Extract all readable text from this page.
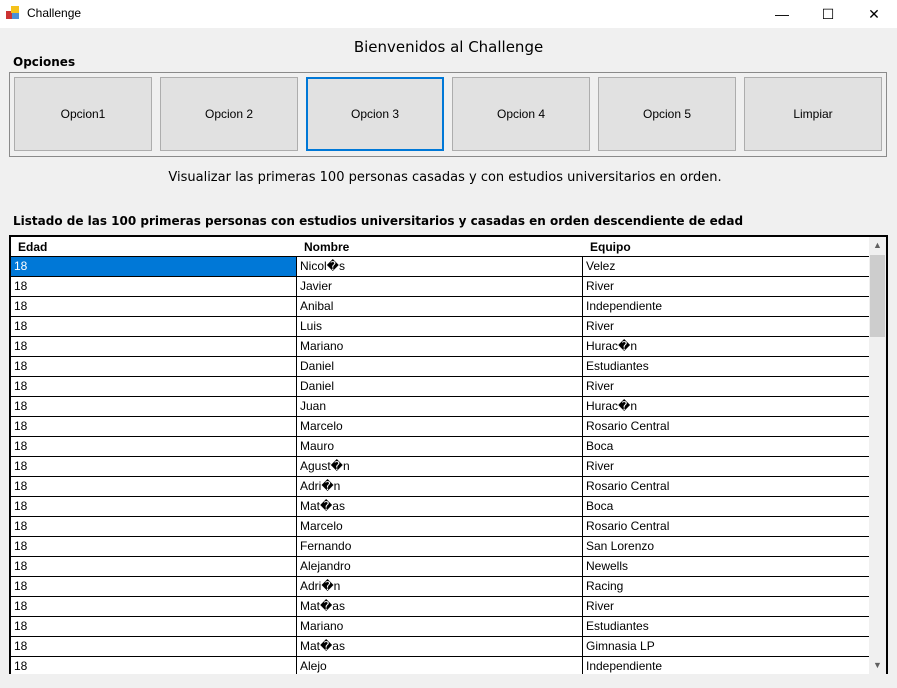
Challenge	—	☐	✕
Bienvenidos al Challenge
Opciones
Opcion1	Opcion 2	Opcion 3	Opcion 4	Opcion 5	Limpiar
Visualizar las primeras 100 personas casadas y con estudios universitarios en orden.
Listado de las 100 primeras personas con estudios universitarios y casadas en orden descendiente de edad
Edad	Nombre	Equipo
18	Nicol�s	Velez
18	Javier	River
18	Anibal	Independiente
18	Luis	River
18	Mariano	Hurac�n
18	Daniel	Estudiantes
18	Daniel	River
18	Juan	Hurac�n
18	Marcelo	Rosario Central
18	Mauro	Boca
18	Agust�n	River
18	Adri�n	Rosario Central
18	Mat�as	Boca
18	Marcelo	Rosario Central
18	Fernando	San Lorenzo
18	Alejandro	Newells
18	Adri�n	Racing
18	Mat�as	River
18	Mariano	Estudiantes
18	Mat�as	Gimnasia LP
18	Alejo	Independiente
▲
▼
